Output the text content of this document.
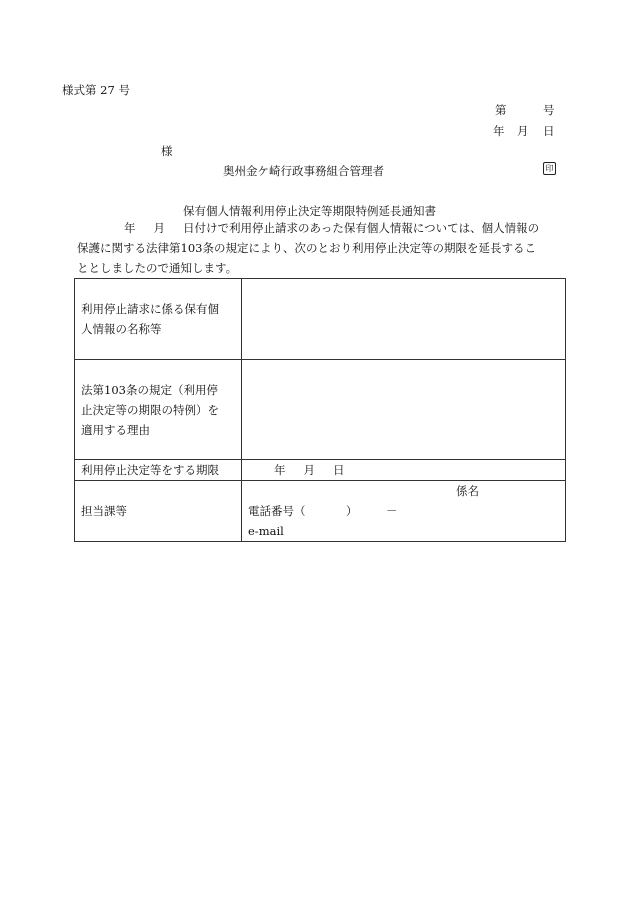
様式第 27 号
第	号
年 月 日
様
奥州金ケ崎行政事務組合管理者	印
保有個人情報利用停止決定等期限特例延長通知書
年 月 日付けで利用停止請求のあった保有個人情報については、個人情報の
保護に関する法律第103条の規定により、次のとおり利用停止決定等の期限を延長するこ
ととしましたので通知します。
利用停止請求に係る保有個
人情報の名称等	

法第103条の規定（利用停
止決定等の期限の特例）を
適用する理由	

利用停止決定等をする期限	年 月 日
担当課等	係名
電話番号（ ） －
e-mail
